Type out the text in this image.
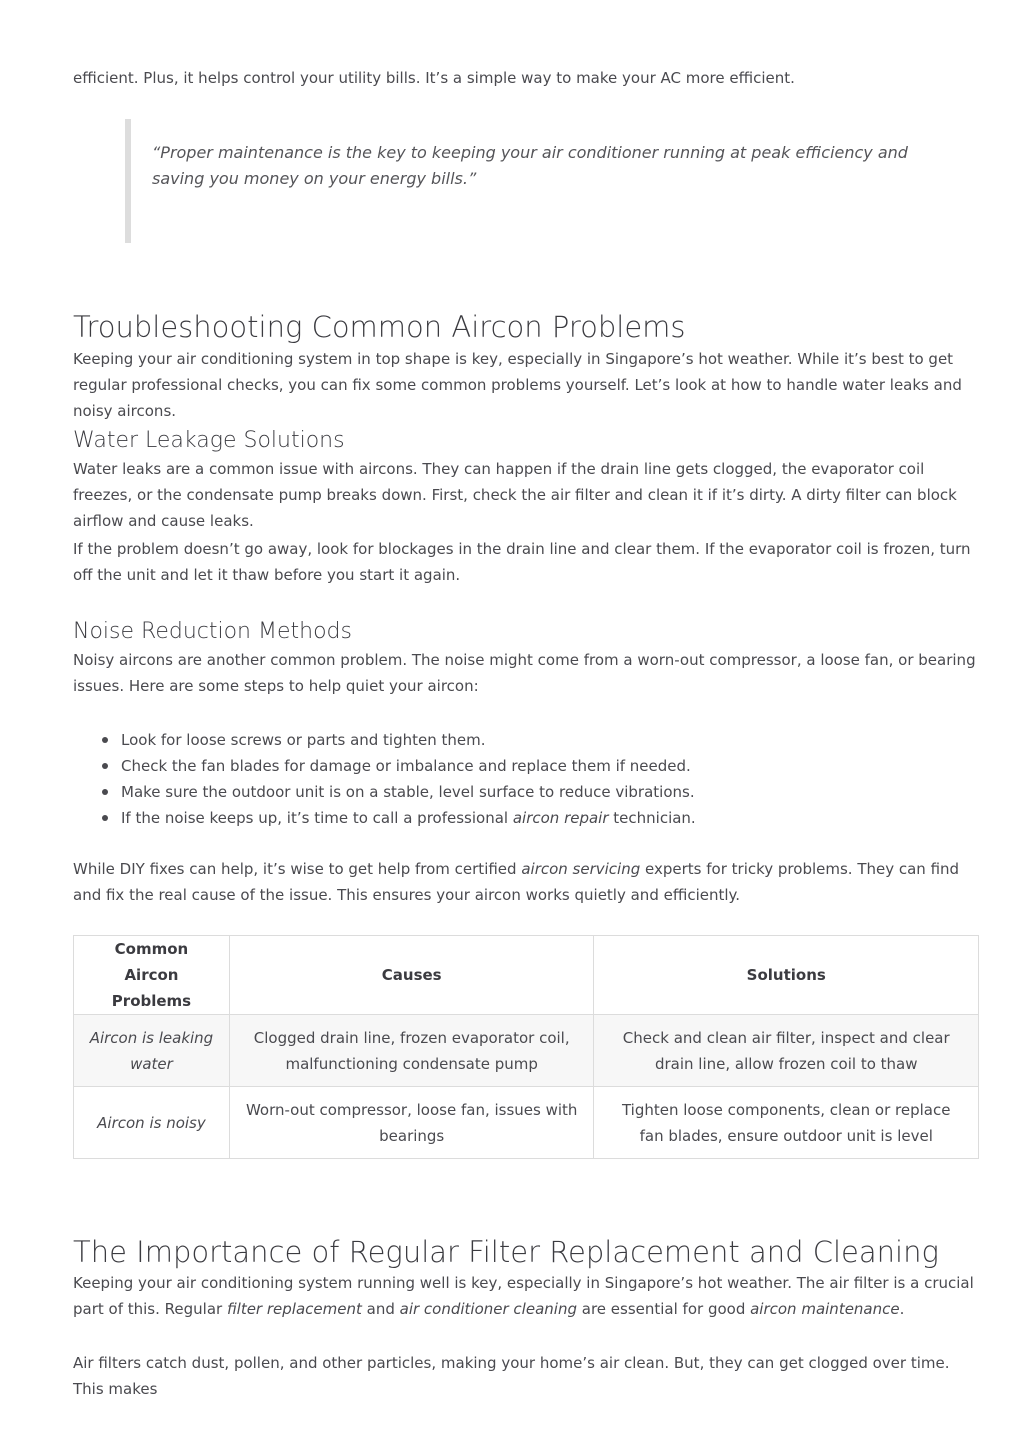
efficient. Plus, it helps control your utility bills. It’s a simple way to make your AC more efficient.

“Proper maintenance is the key to keeping your air conditioner running at peak efficiency and saving you money on your energy bills.”

Troubleshooting Common Aircon Problems

Keeping your air conditioning system in top shape is key, especially in Singapore’s hot weather. While it’s best to get regular professional checks, you can fix some common problems yourself. Let’s look at how to handle water leaks and noisy aircons.

Water Leakage Solutions

Water leaks are a common issue with aircons. They can happen if the drain line gets clogged, the evaporator coil freezes, or the condensate pump breaks down. First, check the air filter and clean it if it’s dirty. A dirty filter can block airflow and cause leaks.

If the problem doesn’t go away, look for blockages in the drain line and clear them. If the evaporator coil is frozen, turn off the unit and let it thaw before you start it again.

Noise Reduction Methods

Noisy aircons are another common problem. The noise might come from a worn-out compressor, a loose fan, or bearing issues. Here are some steps to help quiet your aircon:

Look for loose screws or parts and tighten them.
Check the fan blades for damage or imbalance and replace them if needed.
Make sure the outdoor unit is on a stable, level surface to reduce vibrations.
If the noise keeps up, it’s time to call a professional aircon repair technician.

While DIY fixes can help, it’s wise to get help from certified aircon servicing experts for tricky problems. They can find and fix the real cause of the issue. This ensures your aircon works quietly and efficiently.

Common Aircon Problems	Causes	Solutions
Aircon is leaking water	Clogged drain line, frozen evaporator coil, malfunctioning condensate pump	Check and clean air filter, inspect and clear drain line, allow frozen coil to thaw
Aircon is noisy	Worn-out compressor, loose fan, issues with bearings	Tighten loose components, clean or replace fan blades, ensure outdoor unit is level
The Importance of Regular Filter Replacement and Cleaning

Keeping your air conditioning system running well is key, especially in Singapore’s hot weather. The air filter is a crucial part of this. Regular filter replacement and air conditioner cleaning are essential for good aircon maintenance.

Air filters catch dust, pollen, and other particles, making your home’s air clean. But, they can get clogged over time. This makes
